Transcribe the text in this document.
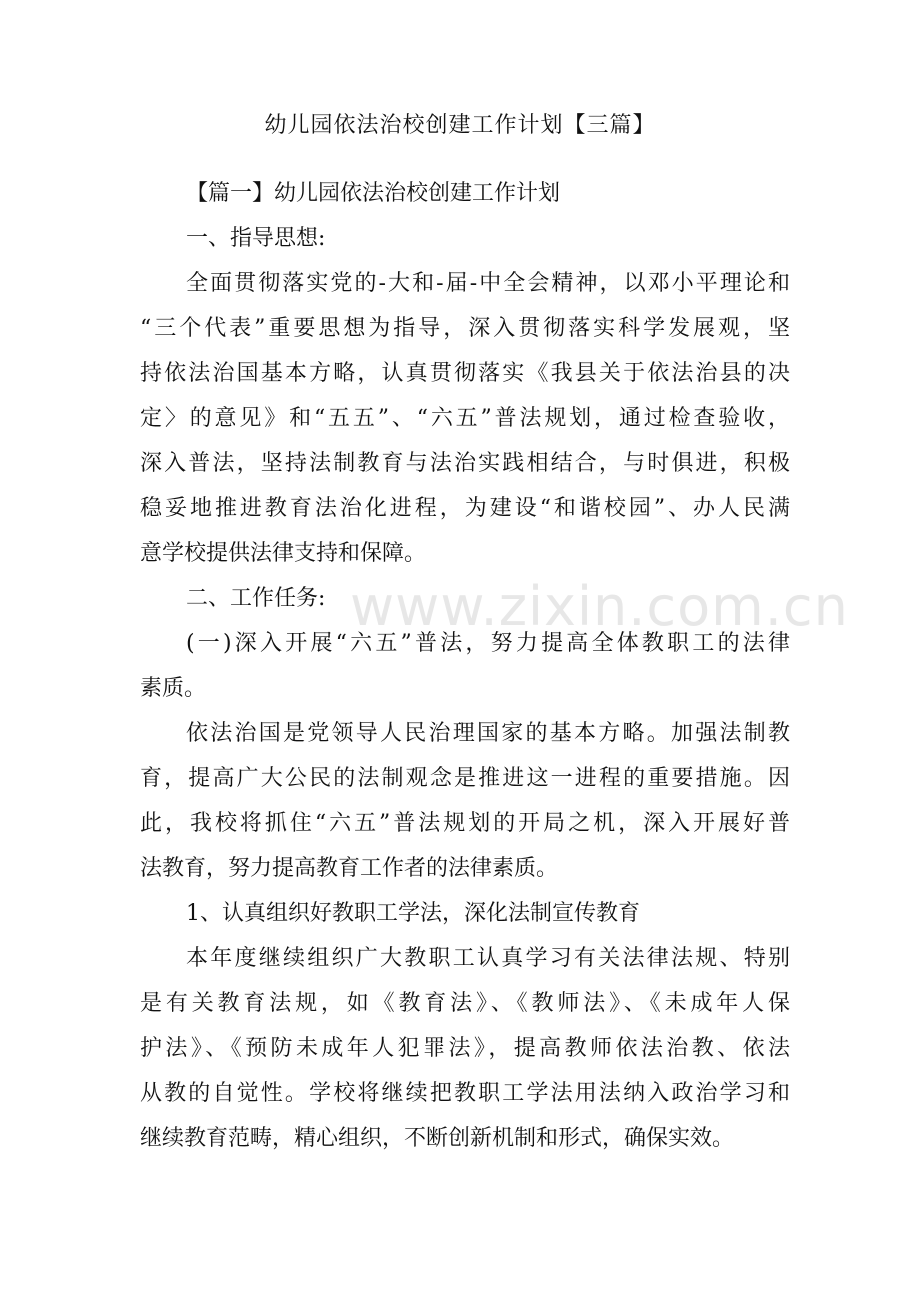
幼儿园依法治校创建工作计划【三篇】
【篇一】幼儿园依法治校创建工作计划
一、指导思想:
全面贯彻落实党的-大和-届-中全会精神，以邓小平理论和
“三个代表”重要思想为指导，深入贯彻落实科学发展观，坚
持依法治国基本方略，认真贯彻落实《我县关于依法治县的决
定〉的意见》和“五五”、“六五”普法规划，通过检查验收，
深入普法，坚持法制教育与法治实践相结合，与时俱进，积极
稳妥地推进教育法治化进程，为建设“和谐校园”、办人民满
意学校提供法律支持和保障。
二、工作任务:
(一)深入开展“六五”普法，努力提高全体教职工的法律
素质。
依法治国是党领导人民治理国家的基本方略。加强法制教
育，提高广大公民的法制观念是推进这一进程的重要措施。因
此，我校将抓住“六五”普法规划的开局之机，深入开展好普
法教育，努力提高教育工作者的法律素质。
1、认真组织好教职工学法，深化法制宣传教育
本年度继续组织广大教职工认真学习有关法律法规、特别
是有关教育法规，如《教育法》、《教师法》、《未成年人保
护法》、《预防未成年人犯罪法》，提高教师依法治教、依法
从教的自觉性。学校将继续把教职工学法用法纳入政治学习和
继续教育范畴，精心组织，不断创新机制和形式，确保实效。
www.zixin.com.cn
